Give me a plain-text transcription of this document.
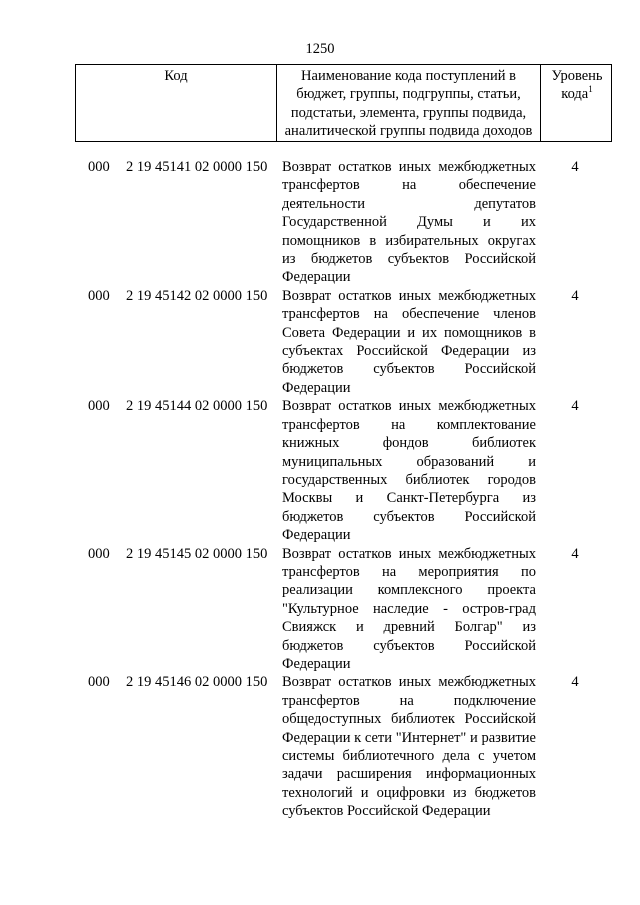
1250
Код	Наименование кода поступлений в бюджет, группы, подгруппы, статьи, подстатьи, элемента, группы подвида, аналитической группы подвида доходов
Уровень кода$^1$
000 2 19 45141 02 0000 150 Возврат остатков иных межбюджетных трансфертов на обеспечение деятельности депутатов Государственной Думы и их помощников в избирательных округах из бюджетов субъектов Российской Федерации
4
000 2 19 45142 02 0000 150 Возврат остатков иных межбюджетных трансфертов на обеспечение членов Совета Федерации и их помощников в субъектах Российской Федерации из бюджетов субъектов Российской Федерации
4
000 2 19 45144 02 0000 150 Возврат остатков иных межбюджетных трансфертов на комплектование книжных фондов библиотек муниципальных образований и государственных библиотек городов Москвы и Санкт-Петербурга из бюджетов субъектов Российской Федерации
4
000 2 19 45145 02 0000 150 Возврат остатков иных межбюджетных трансфертов на мероприятия по реализации комплексного проекта "Культурное наследие - остров-град Свияжск и древний Болгар" из бюджетов субъектов Российской Федерации
4
000 2 19 45146 02 0000 150 Возврат остатков иных межбюджетных трансфертов на подключение общедоступных библиотек Российской Федерации к сети "Интернет" и развитие системы библиотечного дела с учетом задачи расширения информационных технологий и оцифровки из бюджетов субъектов Российской Федерации
4
